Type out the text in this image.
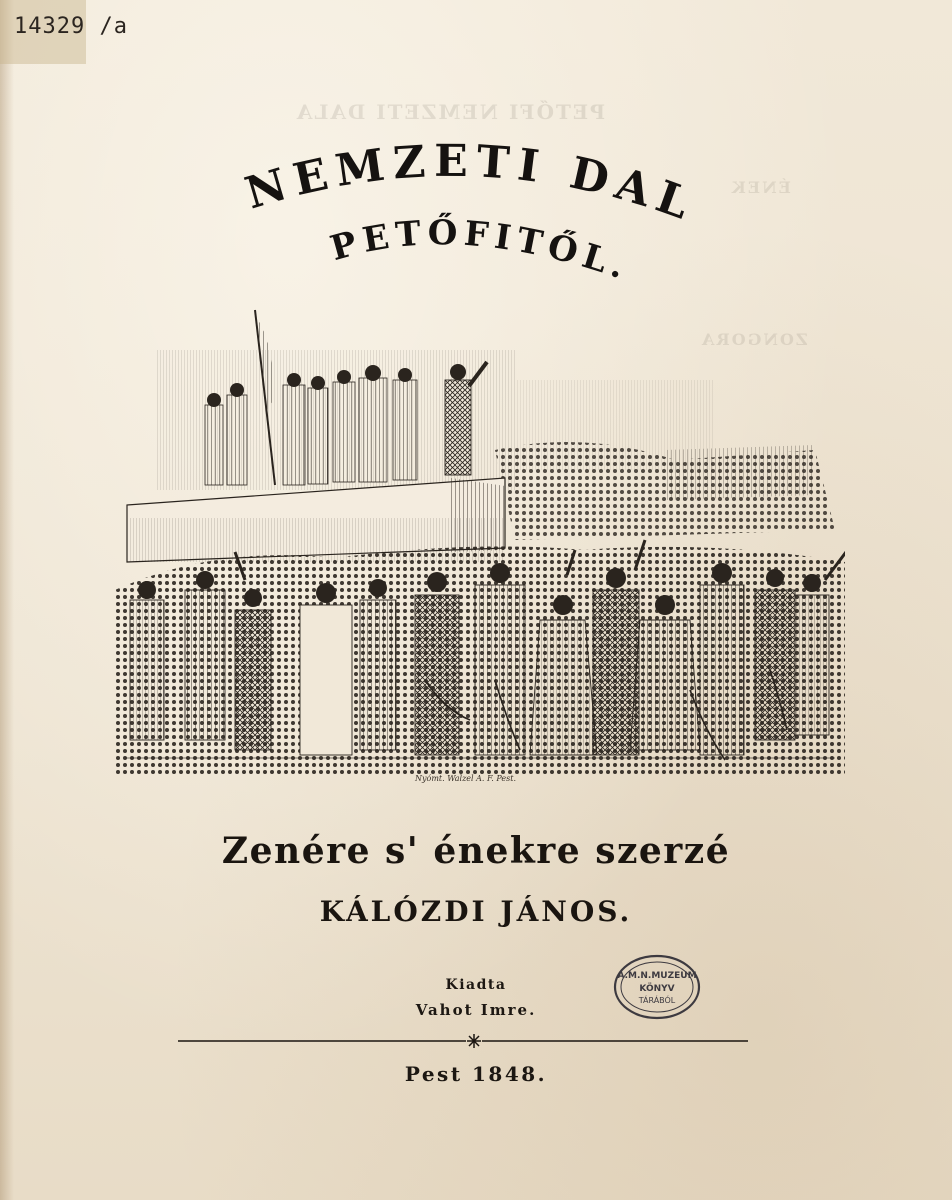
14329 /a
PETŐFI NEMZETI DALA
ÉNEK
ZONGORA
NEMZETI DAL
PETŐFITŐL.
Nyómt. Walzel A. F. Pest.
Zenére s' énekre szerzé
KÁLÓZDI JÁNOS.
Kiadta
Vahot Imre.
A.M.N.MUZEUM
KÖNYV
TÁRÁBÓL
Pest 1848.
